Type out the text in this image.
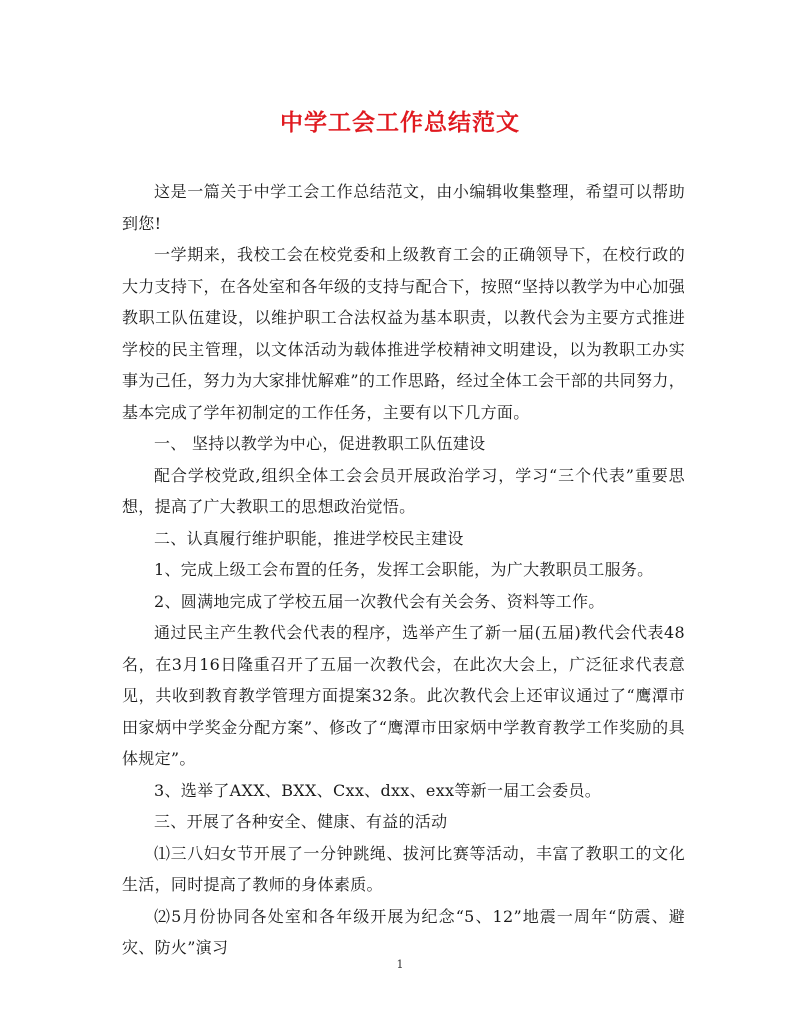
中学工会工作总结范文

这是一篇关于中学工会工作总结范文，由小编辑收集整理，希望可以帮助到您!

一学期来，我校工会在校党委和上级教育工会的正确领导下，在校行政的大力支持下，在各处室和各年级的支持与配合下，按照“坚持以教学为中心加强教职工队伍建设，以维护职工合法权益为基本职责，以教代会为主要方式推进学校的民主管理，以文体活动为载体推进学校精神文明建设，以为教职工办实事为己任，努力为大家排忧解难”的工作思路，经过全体工会干部的共同努力，基本完成了学年初制定的工作任务，主要有以下几方面。

一、 坚持以教学为中心，促进教职工队伍建设

配合学校党政,组织全体工会会员开展政治学习，学习“三个代表”重要思想，提高了广大教职工的思想政治觉悟。

二、认真履行维护职能，推进学校民主建设

1、完成上级工会布置的任务，发挥工会职能，为广大教职员工服务。

2、圆满地完成了学校五届一次教代会有关会务、资料等工作。

通过民主产生教代会代表的程序，选举产生了新一届(五届)教代会代表48名，在3月16日隆重召开了五届一次教代会，在此次大会上，广泛征求代表意见，共收到教育教学管理方面提案32条。此次教代会上还审议通过了“鹰潭市田家炳中学奖金分配方案”、修改了“鹰潭市田家炳中学教育教学工作奖励的具体规定”。

3、选举了AXX、BXX、Cxx、dxx、exx等新一届工会委员。

三、开展了各种安全、健康、有益的活动

⑴三八妇女节开展了一分钟跳绳、拔河比赛等活动，丰富了教职工的文化生活，同时提高了教师的身体素质。

⑵5月份协同各处室和各年级开展为纪念“5、12”地震一周年“防震、避灾、防火”演习

1
